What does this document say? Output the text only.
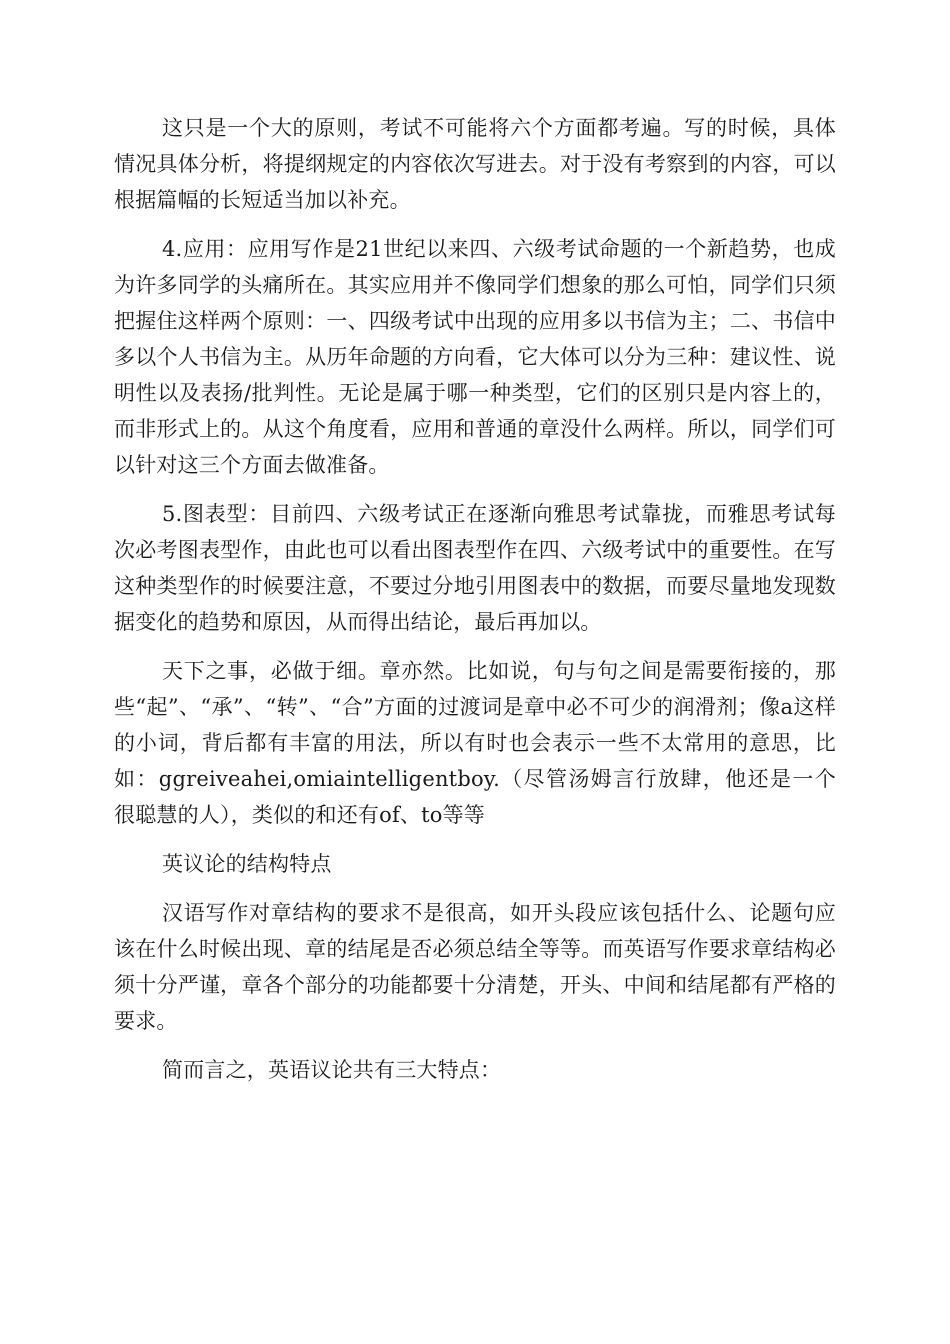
这只是一个大的原则，考试不可能将六个方面都考遍。写的时候，具体情况具体分析，将提纲规定的内容依次写进去。对于没有考察到的内容，可以根据篇幅的长短适当加以补充。

4.应用：应用写作是21世纪以来四、六级考试命题的一个新趋势，也成为许多同学的头痛所在。其实应用并不像同学们想象的那么可怕，同学们只须把握住这样两个原则：一、四级考试中出现的应用多以书信为主；二、书信中多以个人书信为主。从历年命题的方向看，它大体可以分为三种：建议性、说明性以及表扬/批判性。无论是属于哪一种类型，它们的区别只是内容上的，而非形式上的。从这个角度看，应用和普通的章没什么两样。所以，同学们可以针对这三个方面去做准备。

5.图表型：目前四、六级考试正在逐渐向雅思考试靠拢，而雅思考试每次必考图表型作，由此也可以看出图表型作在四、六级考试中的重要性。在写这种类型作的时候要注意，不要过分地引用图表中的数据，而要尽量地发现数据变化的趋势和原因，从而得出结论，最后再加以。

天下之事，必做于细。章亦然。比如说，句与句之间是需要衔接的，那些“起”、“承”、“转”、“合”方面的过渡词是章中必不可少的润滑剂；像a这样的小词，背后都有丰富的用法，所以有时也会表示一些不太常用的意思，比如：ggreiveahei,omiaintelligentboy.（尽管汤姆言行放肆，他还是一个很聪慧的人），类似的和还有of、to等等

英议论的结构特点

汉语写作对章结构的要求不是很高，如开头段应该包括什么、论题句应该在什么时候出现、章的结尾是否必须总结全等等。而英语写作要求章结构必须十分严谨，章各个部分的功能都要十分清楚，开头、中间和结尾都有严格的要求。

简而言之，英语议论共有三大特点：
